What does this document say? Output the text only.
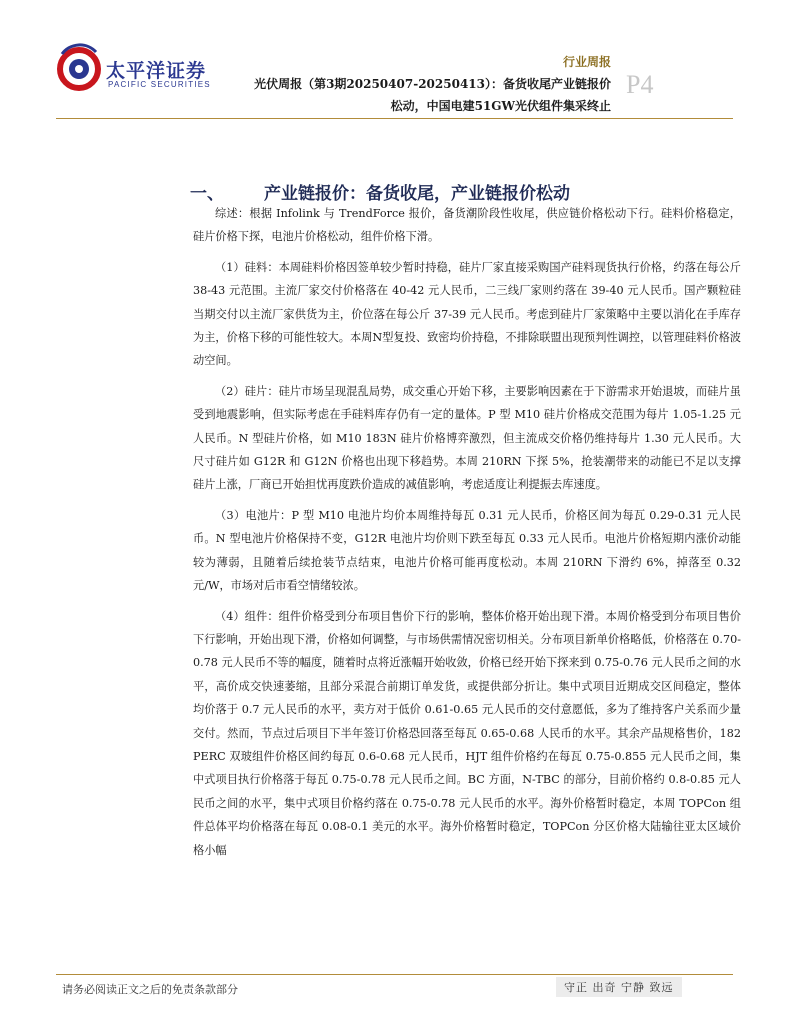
太平洋证券
PACIFIC SECURITIES
行业周报
光伏周报（第3期20250407-20250413）：备货收尾产业链报价
松动，中国电建51GW光伏组件集采终止
P4
一、 产业链报价：备货收尾，产业链报价松动

综述：根据 Infolink 与 TrendForce 报价，备货潮阶段性收尾，供应链价格松动下行。硅料价格稳定，硅片价格下探，电池片价格松动，组件价格下滑。

（1）硅料：本周硅料价格因签单较少暂时持稳，硅片厂家直接采购国产硅料现货执行价格，约落在每公斤 38-43 元范围。主流厂家交付价格落在 40-42 元人民币，二三线厂家则约落在 39-40 元人民币。国产颗粒硅当期交付以主流厂家供货为主，价位落在每公斤 37-39 元人民币。考虑到硅片厂家策略中主要以消化在手库存为主，价格下移的可能性较大。本周N型复投、致密均价持稳，不排除联盟出现预判性调控，以管理硅料价格波动空间。

（2）硅片：硅片市场呈现混乱局势，成交重心开始下移，主要影响因素在于下游需求开始退坡，而硅片虽受到地震影响，但实际考虑在手硅料库存仍有一定的量体。P 型 M10 硅片价格成交范围为每片 1.05-1.25 元人民币。N 型硅片价格，如 M10 183N 硅片价格博弈激烈，但主流成交价格仍维持每片 1.30 元人民币。大尺寸硅片如 G12R 和 G12N 价格也出现下移趋势。本周 210RN 下探 5%，抢装潮带来的动能已不足以支撑硅片上涨，厂商已开始担忧再度跌价造成的减值影响，考虑适度让利提振去库速度。

（3）电池片：P 型 M10 电池片均价本周维持每瓦 0.31 元人民币，价格区间为每瓦 0.29-0.31 元人民币。N 型电池片价格保持不变，G12R 电池片均价则下跌至每瓦 0.33 元人民币。电池片价格短期内涨价动能较为薄弱，且随着后续抢装节点结束，电池片价格可能再度松动。本周 210RN 下滑约 6%，掉落至 0.32 元/W，市场对后市看空情绪较浓。

（4）组件：组件价格受到分布项目售价下行的影响，整体价格开始出现下滑。本周价格受到分布项目售价下行影响，开始出现下滑，价格如何调整，与市场供需情况密切相关。分布项目新单价格略低，价格落在 0.70-0.78 元人民币不等的幅度，随着时点将近涨幅开始收敛，价格已经开始下探来到 0.75-0.76 元人民币之间的水平，高价成交快速萎缩，且部分采混合前期订单发货，或提供部分折让。集中式项目近期成交区间稳定，整体均价落于 0.7 元人民币的水平，卖方对于低价 0.61-0.65 元人民币的交付意愿低，多为了维持客户关系而少量交付。然而，节点过后项目下半年签订价格恐回落至每瓦 0.65-0.68 人民币的水平。其余产品规格售价，182 PERC 双玻组件价格区间约每瓦 0.6-0.68 元人民币，HJT 组件价格约在每瓦 0.75-0.855 元人民币之间，集中式项目执行价格落于每瓦 0.75-0.78 元人民币之间。BC 方面，N-TBC 的部分，目前价格约 0.8-0.85 元人民币之间的水平，集中式项目价格约落在 0.75-0.78 元人民币的水平。海外价格暂时稳定，本周 TOPCon 组件总体平均价格落在每瓦 0.08-0.1 美元的水平。海外价格暂时稳定，TOPCon 分区价格大陆输往亚太区域价格小幅

请务必阅读正文之后的免责条款部分	守正 出奇 宁静 致远
